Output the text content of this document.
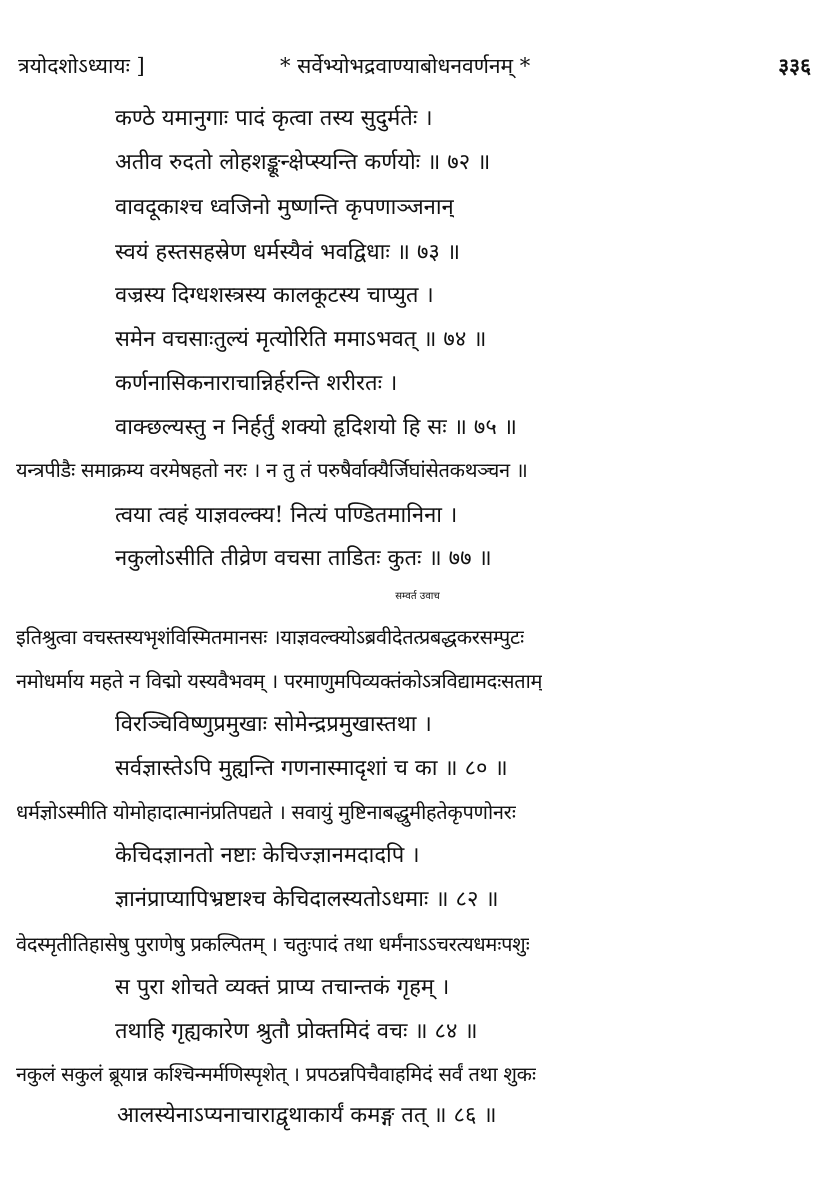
त्रयोदशोऽध्यायः ]	* सर्वेभ्योभद्रवाण्याबोधनवर्णनम् *	३३६
कण्ठे यमानुगाः पादं कृत्वा तस्य सुदुर्मतेः ।
अतीव रुदतो लोहशङ्कून्क्षेप्स्यन्ति कर्णयोः ॥ ७२ ॥
वावदूकाश्च ध्वजिनो मुष्णन्ति कृपणाञ्जनान्
स्वयं हस्तसहस्रेण धर्मस्यैवं भवद्विधाः ॥ ७३ ॥
वज्रस्य दिग्धशस्त्रस्य कालकूटस्य चाप्युत ।
समेन वचसाःतुल्यं मृत्योरिति ममाऽभवत् ॥ ७४ ॥
कर्णनासिकनाराचान्निर्हरन्ति शरीरतः ।
वाक्छल्यस्तु न निर्हर्तुं शक्यो हृदिशयो हि सः ॥ ७५ ॥
यन्त्रपीडैः समाक्रम्य वरमेषहतो नरः । न तु तं परुषैर्वाक्यैर्जिघांसेतकथञ्चन ॥
त्वया त्वहं याज्ञवल्क्य! नित्यं पण्डितमानिना ।
नकुलोऽसीति तीव्रेण वचसा ताडितः कुतः ॥ ७७ ॥
सम्वर्त उवाच
इतिश्रुत्वा वचस्तस्यभृशंविस्मितमानसः ।याज्ञवल्क्योऽब्रवीदेतत्प्रबद्धकरसम्पुटः
नमोधर्माय महते न विद्मो यस्यवैभवम् । परमाणुमपिव्यक्तंकोऽत्रविद्यामदःसताम्
विरञ्चिविष्णुप्रमुखाः सोमेन्द्रप्रमुखास्तथा ।
सर्वज्ञास्तेऽपि मुह्यन्ति गणनास्मादृशां च का ॥ ८० ॥
धर्मज्ञोऽस्मीति योमोहादात्मानंप्रतिपद्यते । सवायुं मुष्टिनाबद्धुमीहतेकृपणोनरः
केचिदज्ञानतो नष्टाः केचिज्ज्ञानमदादपि ।
ज्ञानंप्राप्यापिभ्रष्टाश्च केचिदालस्यतोऽधमाः ॥ ८२ ॥
वेदस्मृतीतिहासेषु पुराणेषु प्रकल्पितम् । चतुःपादं तथा धर्मंनाऽऽचरत्यधमःपशुः
स पुरा शोचते व्यक्तं प्राप्य तचान्तकं गृहम् ।
तथाहि गृह्यकारेण श्रुतौ प्रोक्तमिदं वचः ॥ ८४ ॥
नकुलं सकुलं ब्रूयान्न कश्चिन्मर्मणिस्पृशेत् । प्रपठन्नपिचैवाहमिदं सर्वं तथा शुकः
आलस्येनाऽप्यनाचाराद्वृथाकार्यं कमङ्ग तत् ॥ ८६ ॥
